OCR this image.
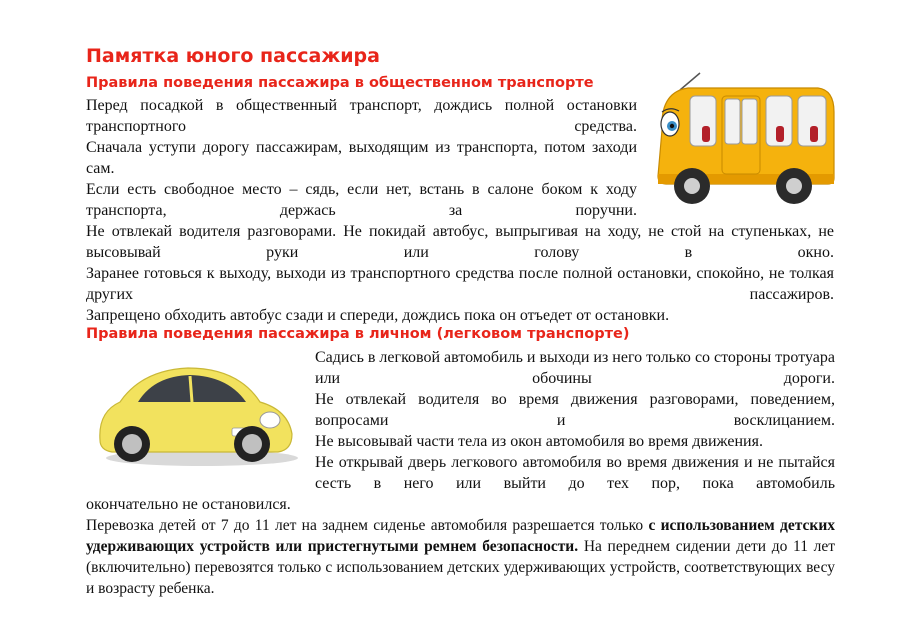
Памятка юного пассажира
Правила поведения пассажира в общественном транспорте

Перед посадкой в общественный транспорт, дождись полной остановки транспортного средства.

Сначала уступи дорогу пассажирам, выходящим из транспорта, потом заходи сам.

Если есть свободное место – сядь, если нет, встань в салоне боком к ходу транспорта, держась за поручни.

Не отвлекай водителя разговорами. Не покидай автобус, выпрыгивая на ходу, не стой на ступеньках, не высовывай руки или голову в окно.

Заранее готовься к выходу, выходи из транспортного средства после полной остановки, спокойно, не толкая других пассажиров.

Запрещено обходить автобус сзади и спереди, дождись пока он отъедет от остановки.

Правила поведения пассажира в личном (легковом транспорте)

Садись в легковой автомобиль и выходи из него только со стороны тротуара или обочины дороги.

Не отвлекай водителя во время движения разговорами, поведением, вопросами и восклицанием.

Не высовывай части тела из окон автомобиля во время движения.

Не открывай дверь легкового автомобиля во время движения и не пытайся сесть в него или выйти до тех пор, пока автомобиль

окончательно не остановился.

Перевозка детей от 7 до 11 лет на заднем сиденье автомобиля разрешается только с использованием детских удерживающих устройств или пристегнутыми ремнем безопасности. На переднем сидении дети до 11 лет (включительно) перевозятся только с использованием детских удерживающих устройств, соответствующих весу и возрасту ребенка.
